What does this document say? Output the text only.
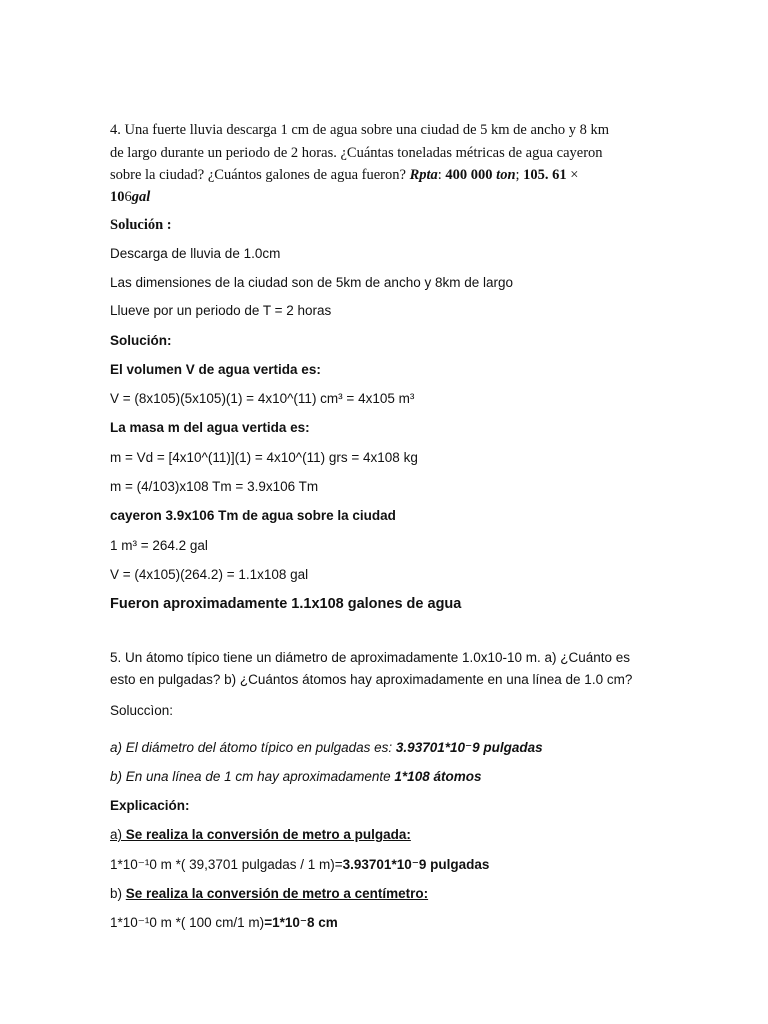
4. Una fuerte lluvia descarga 1 cm de agua sobre una ciudad de 5 km de ancho y 8 km
de largo durante un periodo de 2 horas. ¿Cuántas toneladas métricas de agua cayeron
sobre la ciudad? ¿Cuántos galones de agua fueron? Rpta: 400 000 ton; 105. 61 ×
106gal
Solución :
Descarga de lluvia de 1.0cm
Las dimensiones de la ciudad son de 5km de ancho y 8km de largo
Llueve por un periodo de T = 2 horas
Solución:
El volumen V de agua vertida es:
V = (8x105)(5x105)(1) = 4x10^(11) cm³ = 4x105 m³
La masa m del agua vertida es:
m = Vd = [4x10^(11)](1) = 4x10^(11) grs = 4x108 kg
m = (4/103)x108 Tm = 3.9x106 Tm
cayeron 3.9x106 Tm de agua sobre la ciudad
1 m³ = 264.2 gal
V = (4x105)(264.2) = 1.1x108 gal
Fueron aproximadamente 1.1x108 galones de agua
5. Un átomo típico tiene un diámetro de aproximadamente 1.0x10-10 m. a) ¿Cuánto es
esto en pulgadas? b) ¿Cuántos átomos hay aproximadamente en una línea de 1.0 cm?
Soluccìon:
a) El diámetro del átomo típico en pulgadas es: 3.93701*10⁻9 pulgadas
b) En una línea de 1 cm hay aproximadamente 1*108 átomos
Explicación:
a) Se realiza la conversión de metro a pulgada:
1*10⁻¹0 m *( 39,3701 pulgadas / 1 m)=3.93701*10⁻9 pulgadas
b) Se realiza la conversión de metro a centímetro:
1*10⁻¹0 m *( 100 cm/1 m)=1*10⁻8 cm
